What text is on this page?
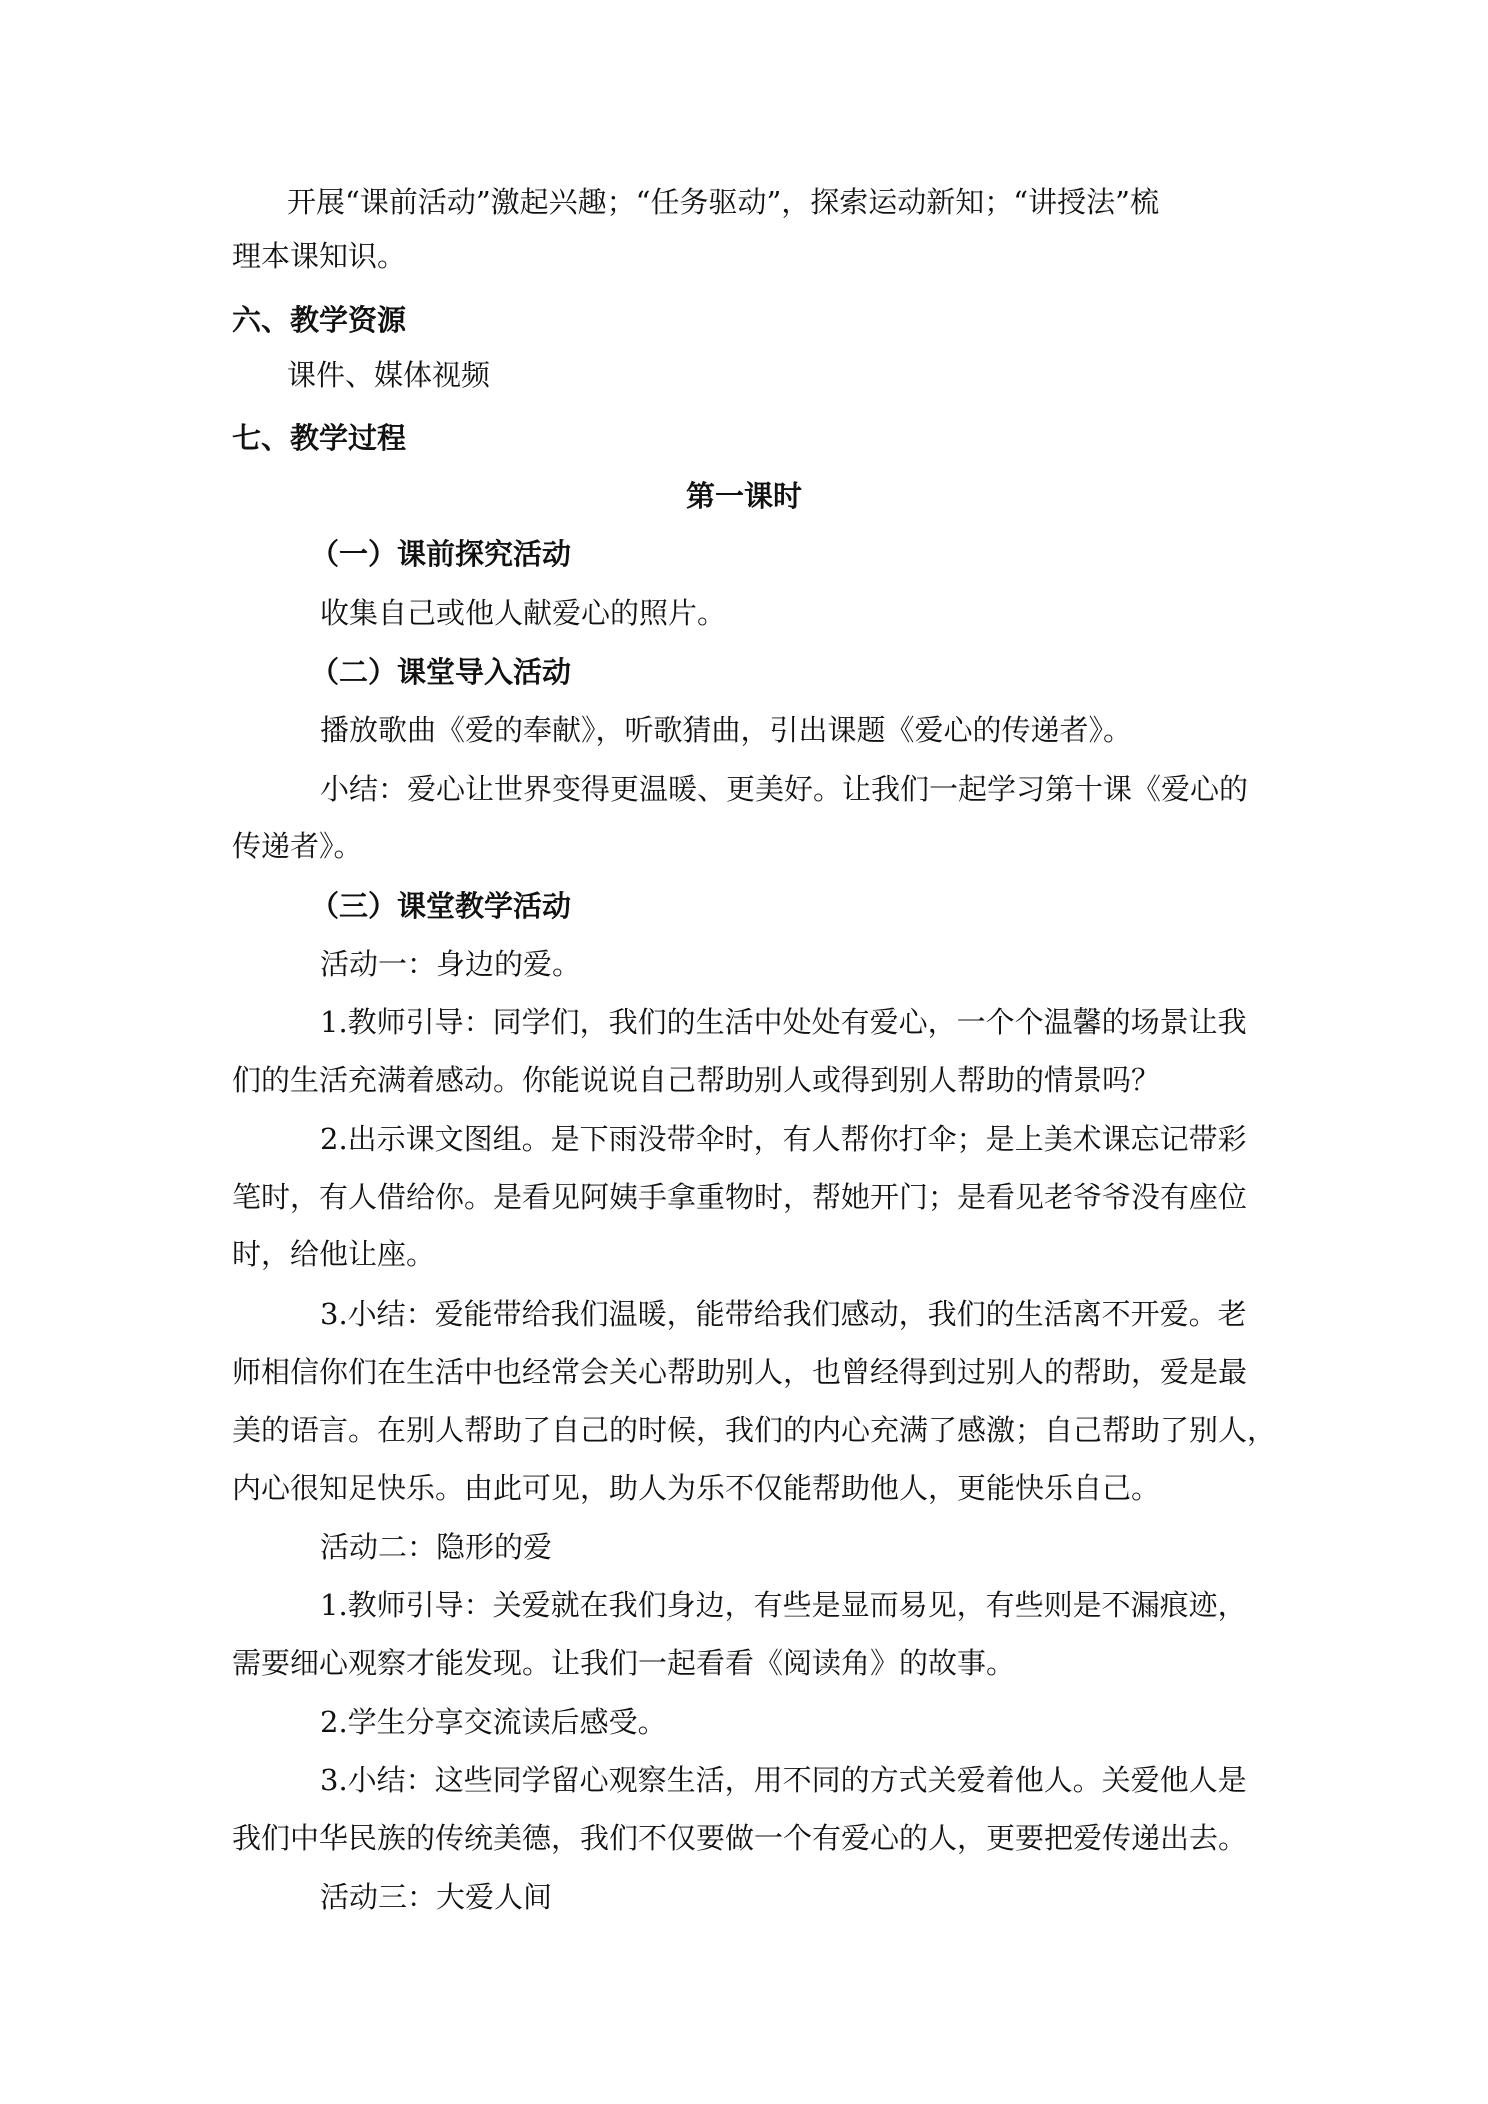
开展“课前活动”激起兴趣；“任务驱动”，探索运动新知；“讲授法”梳
理本课知识。
六、教学资源
课件、媒体视频
七、教学过程
第一课时
（一）课前探究活动
收集自己或他人献爱心的照片。
（二）课堂导入活动
播放歌曲《爱的奉献》，听歌猜曲，引出课题《爱心的传递者》。
小结：爱心让世界变得更温暖、更美好。让我们一起学习第十课《爱心的
传递者》。
（三）课堂教学活动
活动一：身边的爱。
1.教师引导：同学们，我们的生活中处处有爱心，一个个温馨的场景让我
们的生活充满着感动。你能说说自己帮助别人或得到别人帮助的情景吗？
2.出示课文图组。是下雨没带伞时，有人帮你打伞；是上美术课忘记带彩
笔时，有人借给你。是看见阿姨手拿重物时，帮她开门；是看见老爷爷没有座位
时，给他让座。
3.小结：爱能带给我们温暖，能带给我们感动，我们的生活离不开爱。老
师相信你们在生活中也经常会关心帮助别人，也曾经得到过别人的帮助，爱是最
美的语言。在别人帮助了自己的时候，我们的内心充满了感激；自己帮助了别人，
内心很知足快乐。由此可见，助人为乐不仅能帮助他人，更能快乐自己。
活动二：隐形的爱
1.教师引导：关爱就在我们身边，有些是显而易见，有些则是不漏痕迹，
需要细心观察才能发现。让我们一起看看《阅读角》的故事。
2.学生分享交流读后感受。
3.小结：这些同学留心观察生活，用不同的方式关爱着他人。关爱他人是
我们中华民族的传统美德，我们不仅要做一个有爱心的人，更要把爱传递出去。
活动三：大爱人间
